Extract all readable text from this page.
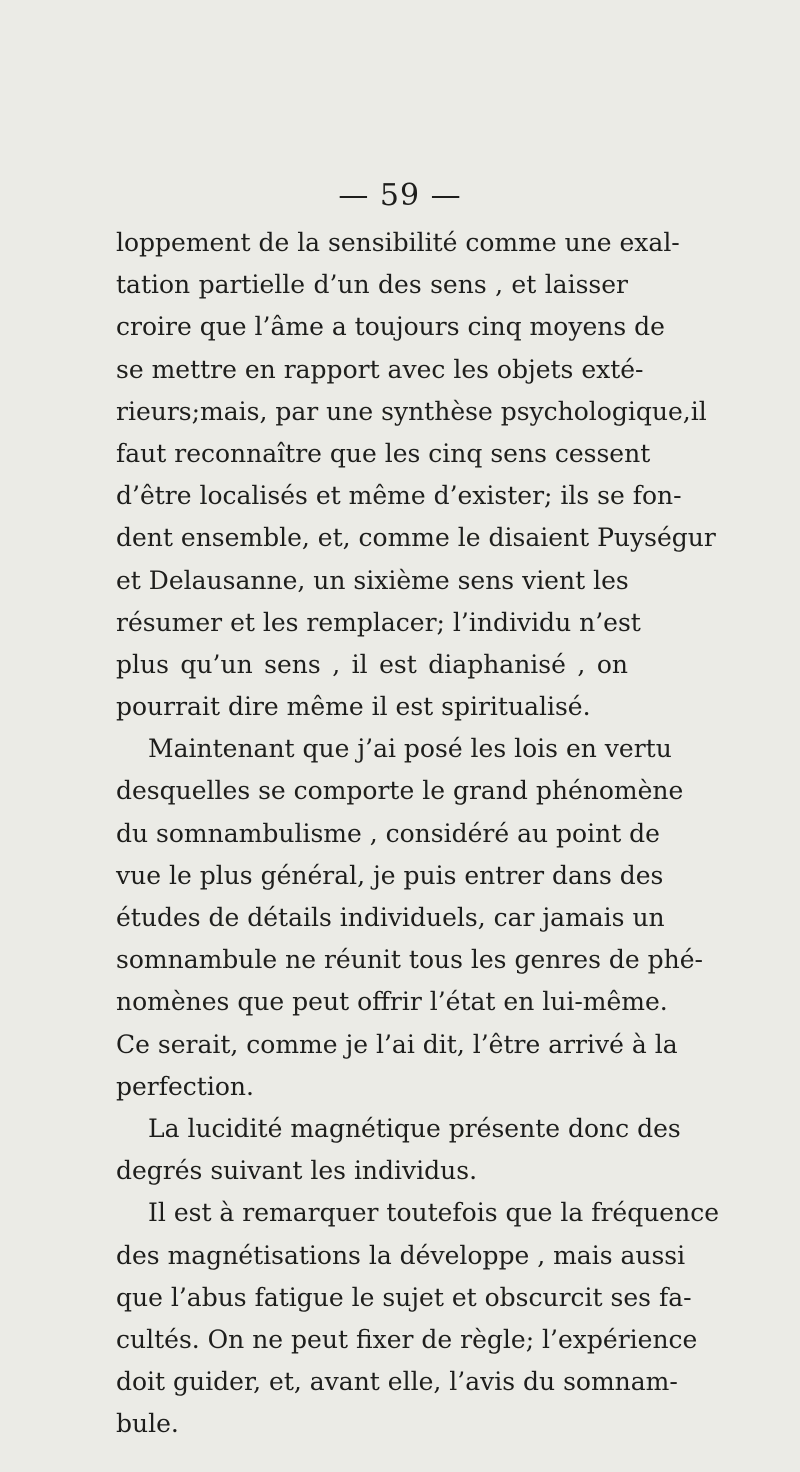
— 59 —
loppement de la sensibilité comme une exal-
tation partielle d’un des sens , et laisser
croire que l’âme a toujours cinq moyens de
se mettre en rapport avec les objets exté-
rieurs;mais, par une synthèse psychologique,il
faut reconnaître que les cinq sens cessent
d’être localisés et même d’exister; ils se fon-
dent ensemble, et, comme le disaient Puységur
et Delausanne, un sixième sens vient les
résumer et les remplacer; l’individu n’est
plus qu’un sens , il est diaphanisé , on
pourrait dire même il est spiritualisé.
Maintenant que j’ai posé les lois en vertu
desquelles se comporte le grand phénomène
du somnambulisme , considéré au point de
vue le plus général, je puis entrer dans des
études de détails individuels, car jamais un
somnambule ne réunit tous les genres de phé-
nomènes que peut offrir l’état en lui-même.
Ce serait, comme je l’ai dit, l’être arrivé à la
perfection.
La lucidité magnétique présente donc des
degrés suivant les individus.
Il est à remarquer toutefois que la fréquence
des magnétisations la développe , mais aussi
que l’abus fatigue le sujet et obscurcit ses fa-
cultés. On ne peut fixer de règle; l’expérience
doit guider, et, avant elle, l’avis du somnam-
bule.
